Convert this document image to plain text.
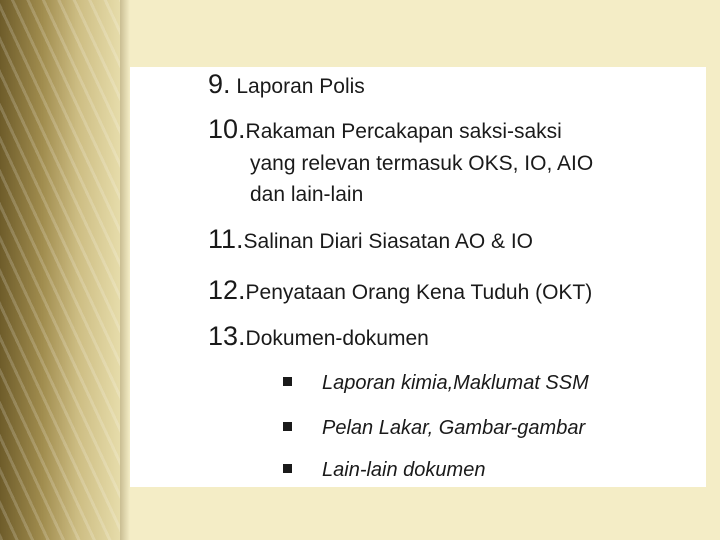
9. Laporan Polis
10.Rakaman Percakapan saksi-saksi
yang relevan termasuk OKS, IO, AIO
dan lain-lain
11.Salinan Diari Siasatan AO & IO
12.Penyataan Orang Kena Tuduh (OKT)
13.Dokumen-dokumen
Laporan kimia,Maklumat SSM
Pelan Lakar, Gambar-gambar
Lain-lain dokumen
